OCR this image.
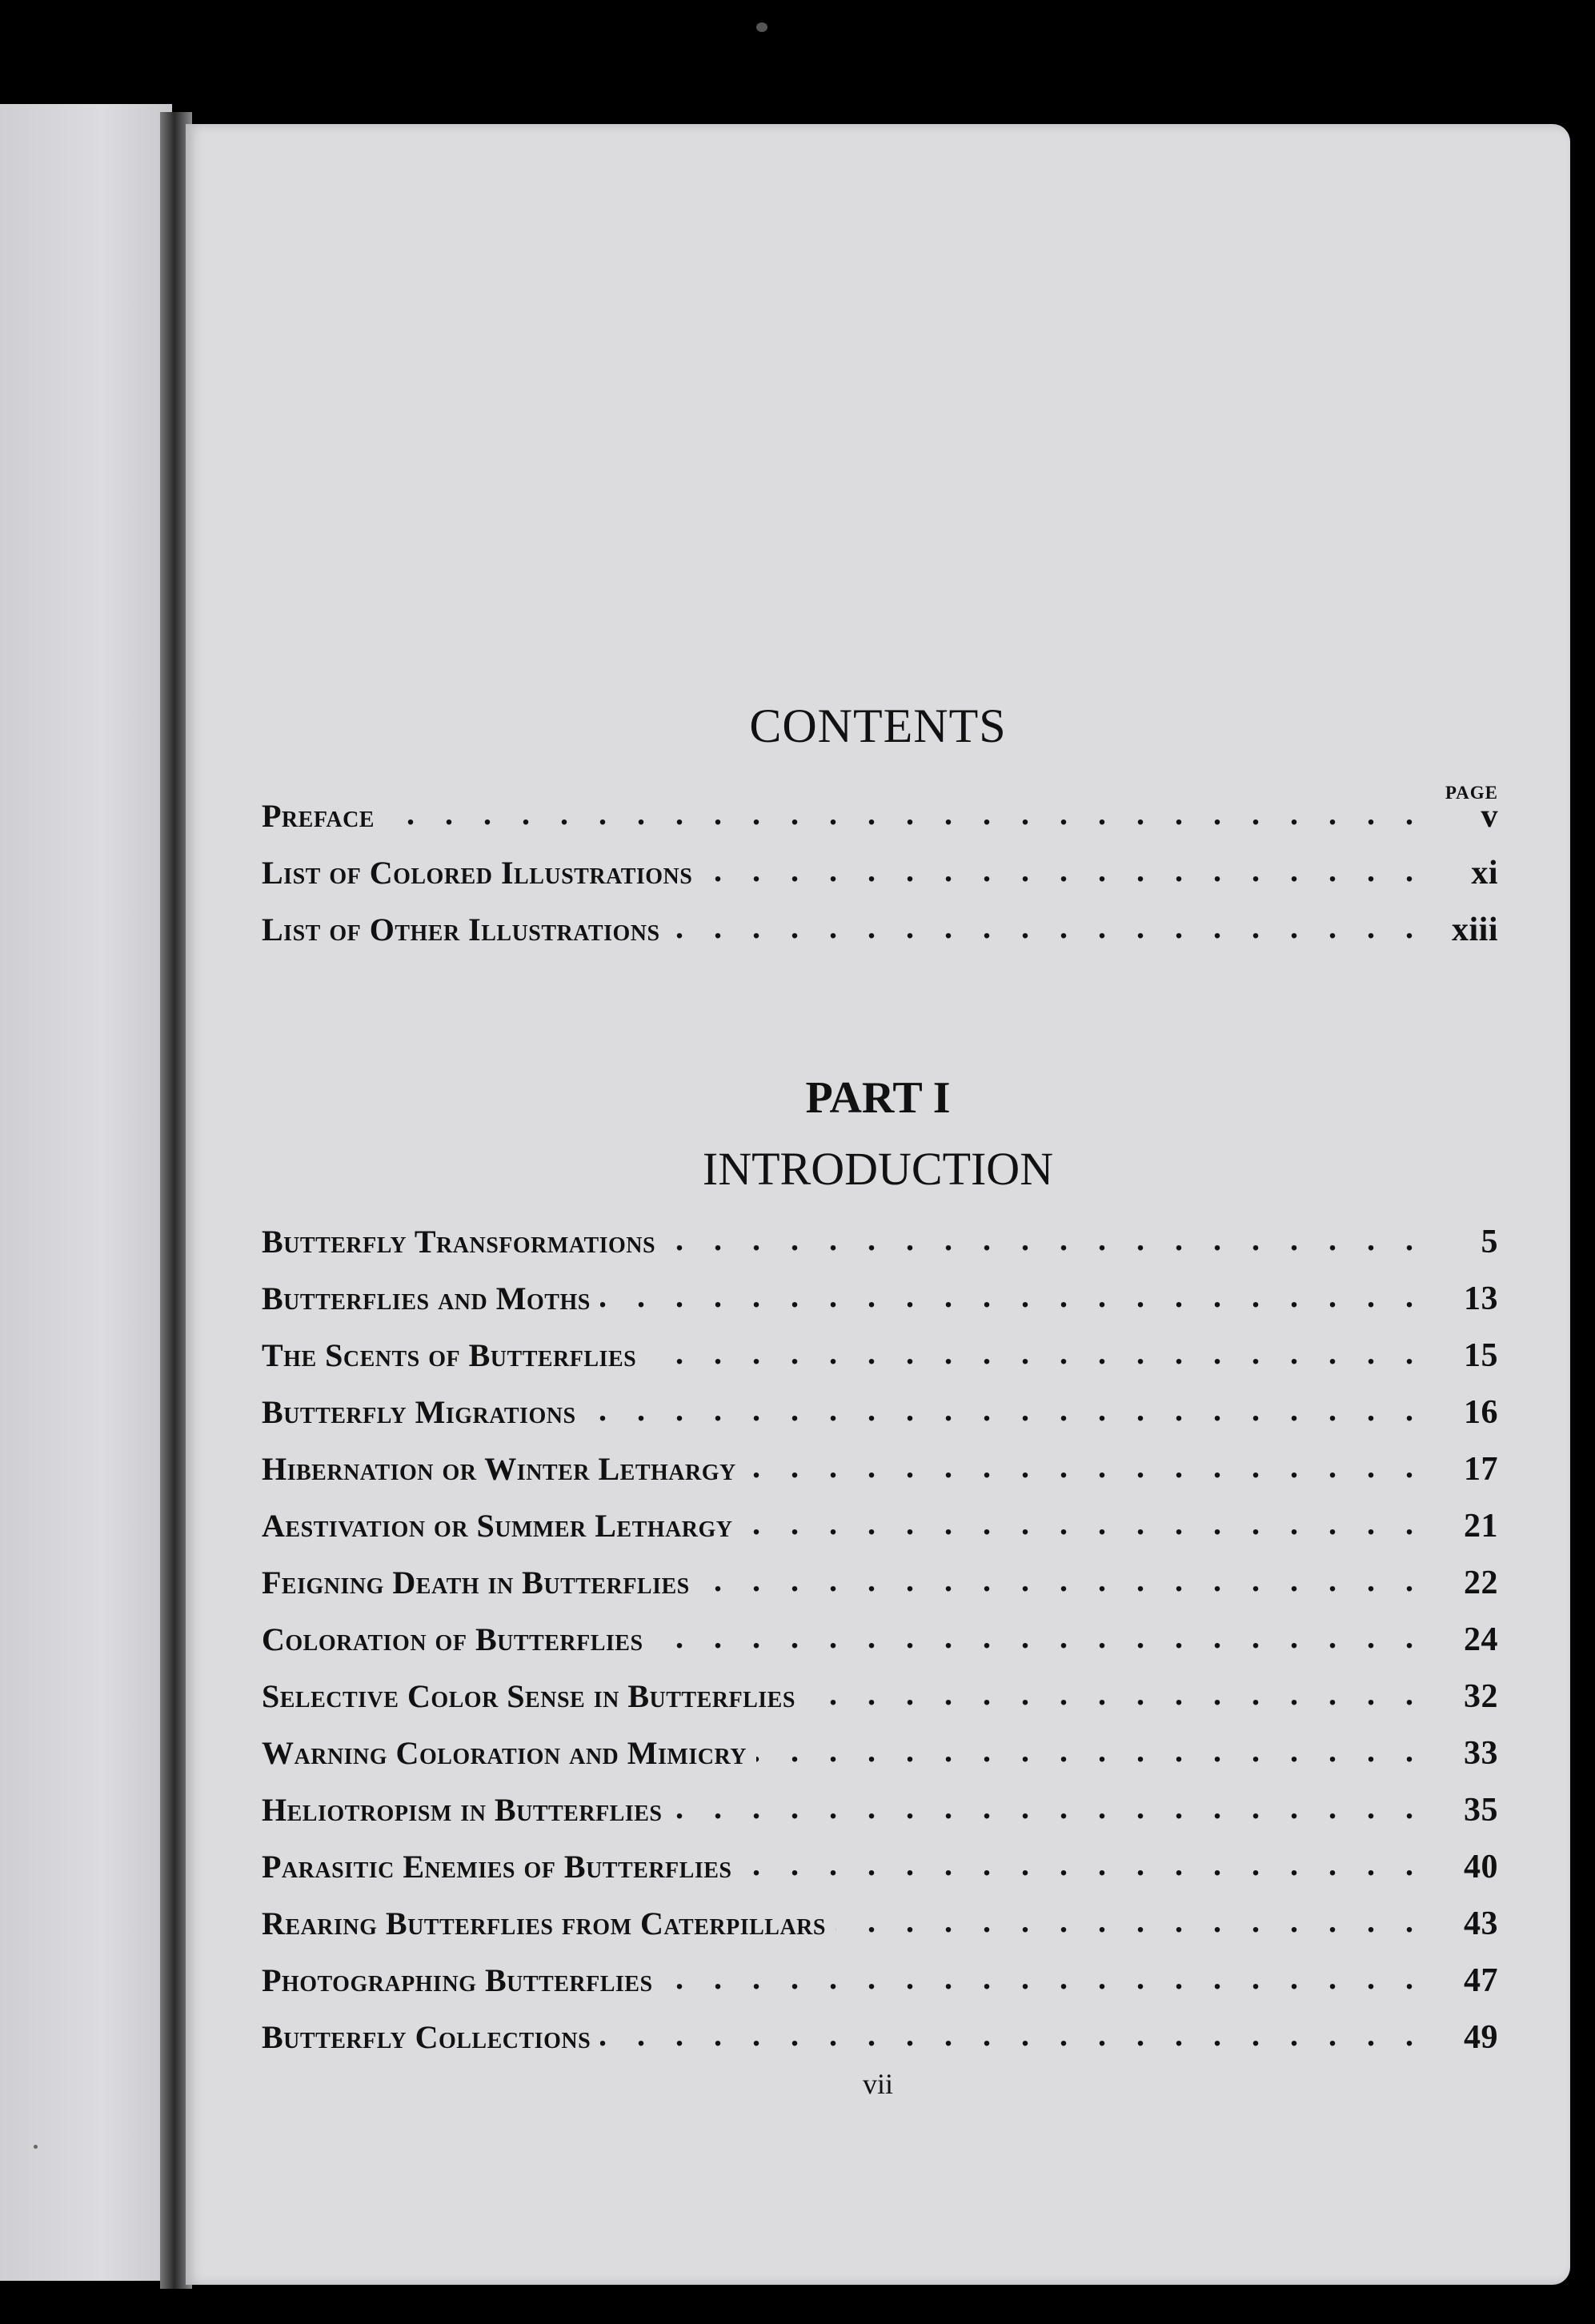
CONTENTS
PAGE
Preface . . .	v
List of Colored Illustrations . . .	xi
List of Other Illustrations . . .	xiii
PART I
INTRODUCTION
Butterfly Transformations . . .	5
Butterflies and Moths . . .	13
The Scents of Butterflies . . .	15
Butterfly Migrations . . .	16
Hibernation or Winter Lethargy . . .	17
Aestivation or Summer Lethargy . . .	21
Feigning Death in Butterflies . . .	22
Coloration of Butterflies . . .	24
Selective Color Sense in Butterflies . . .	32
Warning Coloration and Mimicry . . .	33
Heliotropism in Butterflies . . .	35
Parasitic Enemies of Butterflies . . .	40
Rearing Butterflies from Caterpillars . . .	43
Photographing Butterflies . . .	47
Butterfly Collections . . .	49
vii
